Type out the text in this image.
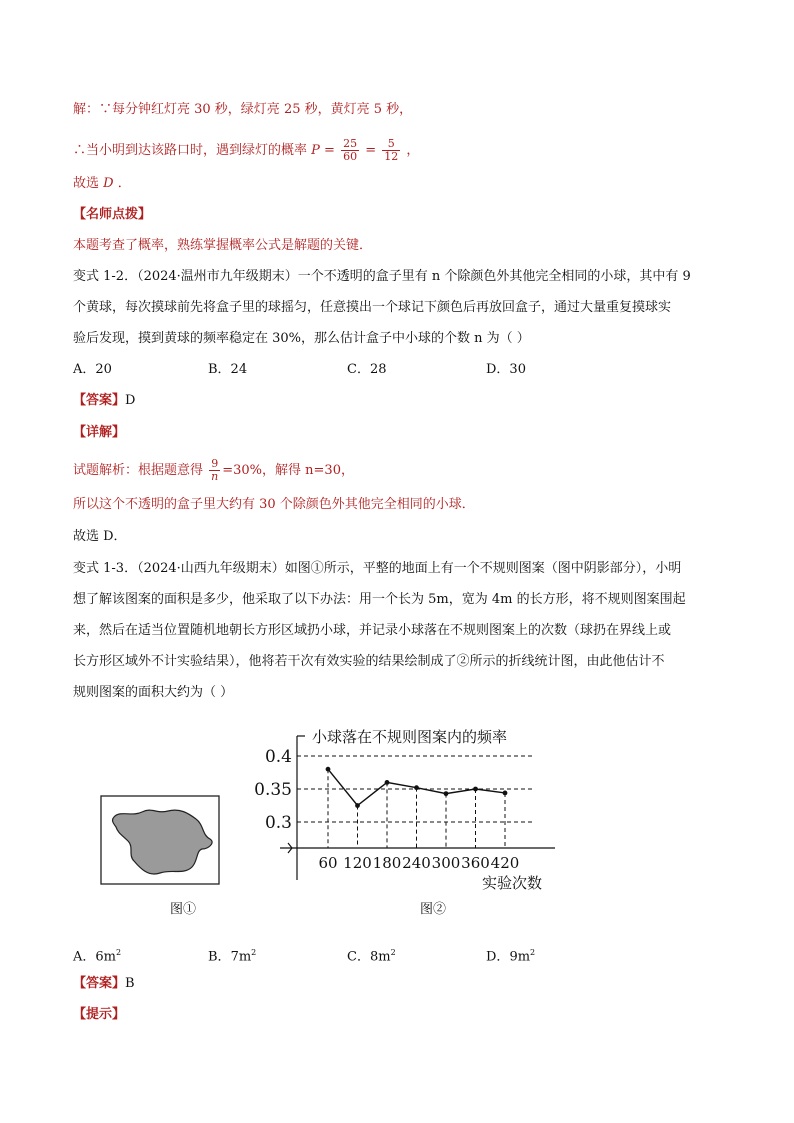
解：∵每分钟红灯亮 30 秒，绿灯亮 25 秒，黄灯亮 5 秒，
∴当小明到达该路口时，遇到绿灯的概率 $P = \frac{25}{60} = \frac{5}{12}$ ，
故选 D ．
【名师点拨】
本题考查了概率，熟练掌握概率公式是解题的关键．
变式 1-2．（2024·温州市九年级期末）一个不透明的盒子里有 n 个除颜色外其他完全相同的小球，其中有 9
个黄球，每次摸球前先将盒子里的球摇匀，任意摸出一个球记下颜色后再放回盒子，通过大量重复摸球实
验后发现，摸到黄球的频率稳定在 30%，那么估计盒子中小球的个数 n 为（ ）
A．20	B．24	C．28	D．30
【答案】D
【详解】
试题解析：根据题意得 $\frac{9}{n} =30\%$，解得 n=30，
所以这个不透明的盒子里大约有 30 个除颜色外其他完全相同的小球．
故选 D．
变式 1-3．（2024·山西九年级期末）如图①所示，平整的地面上有一个不规则图案（图中阴影部分），小明
想了解该图案的面积是多少，他采取了以下办法：用一个长为 5m，宽为 4m 的长方形，将不规则图案围起
来，然后在适当位置随机地朝长方形区域扔小球，并记录小球落在不规则图案上的次数（球扔在界线上或
长方形区域外不计实验结果），他将若干次有效实验的结果绘制成了②所示的折线统计图，由此他估计不
规则图案的面积大约为（ ）
图①
小球落在不规则图案内的频率
0.3
0.35
0.4
60 120 180 240 300 360 420
实验次数
图②
A．$6m^2$	B．$7m^2$	C．$8m^2$	D．$9m^2$
【答案】B
【提示】
